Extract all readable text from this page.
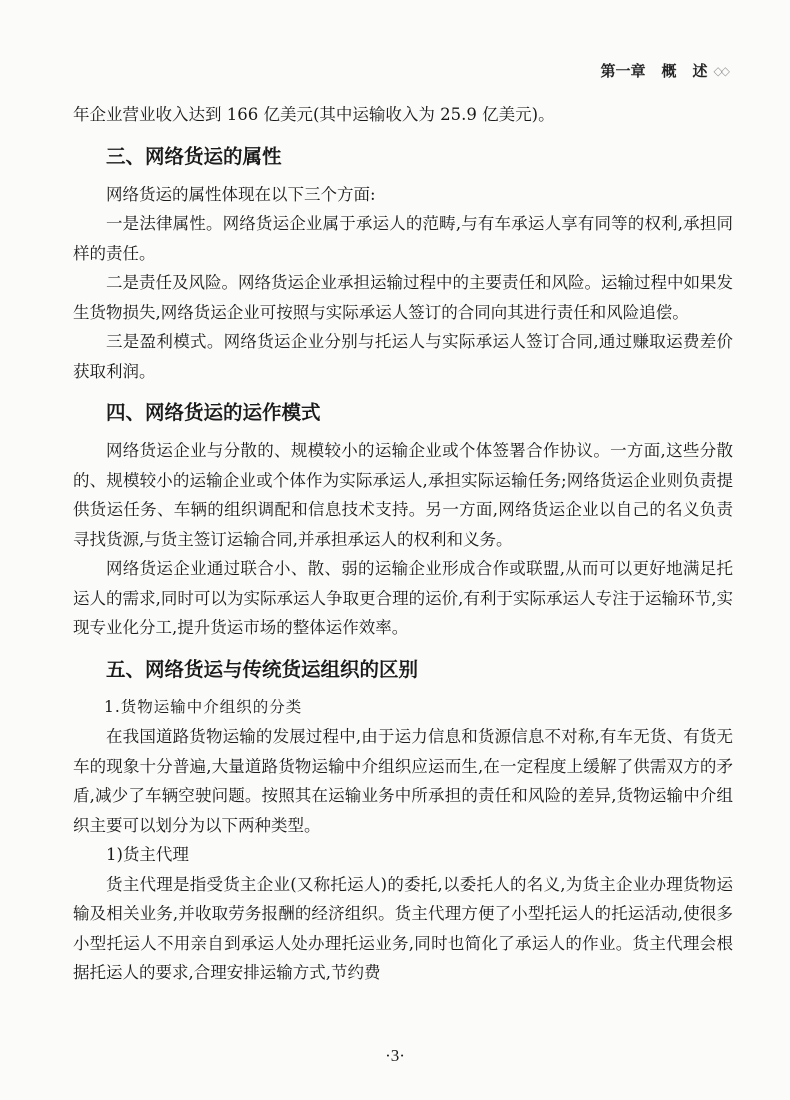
第一章 概 述 ◇◇

年企业营业收入达到 166 亿美元(其中运输收入为 25.9 亿美元)。

三、网络货运的属性

网络货运的属性体现在以下三个方面:

一是法律属性。网络货运企业属于承运人的范畴,与有车承运人享有同等的权利,承担同样的责任。

二是责任及风险。网络货运企业承担运输过程中的主要责任和风险。运输过程中如果发生货物损失,网络货运企业可按照与实际承运人签订的合同向其进行责任和风险追偿。

三是盈利模式。网络货运企业分别与托运人与实际承运人签订合同,通过赚取运费差价获取利润。

四、网络货运的运作模式

网络货运企业与分散的、规模较小的运输企业或个体签署合作协议。一方面,这些分散的、规模较小的运输企业或个体作为实际承运人,承担实际运输任务;网络货运企业则负责提供货运任务、车辆的组织调配和信息技术支持。另一方面,网络货运企业以自己的名义负责寻找货源,与货主签订运输合同,并承担承运人的权利和义务。

网络货运企业通过联合小、散、弱的运输企业形成合作或联盟,从而可以更好地满足托运人的需求,同时可以为实际承运人争取更合理的运价,有利于实际承运人专注于运输环节,实现专业化分工,提升货运市场的整体运作效率。

五、网络货运与传统货运组织的区别

1.货物运输中介组织的分类

在我国道路货物运输的发展过程中,由于运力信息和货源信息不对称,有车无货、有货无车的现象十分普遍,大量道路货物运输中介组织应运而生,在一定程度上缓解了供需双方的矛盾,减少了车辆空驶问题。按照其在运输业务中所承担的责任和风险的差异,货物运输中介组织主要可以划分为以下两种类型。

1)货主代理

货主代理是指受货主企业(又称托运人)的委托,以委托人的名义,为货主企业办理货物运输及相关业务,并收取劳务报酬的经济组织。货主代理方便了小型托运人的托运活动,使很多小型托运人不用亲自到承运人处办理托运业务,同时也简化了承运人的作业。货主代理会根据托运人的要求,合理安排运输方式,节约费

·3·
